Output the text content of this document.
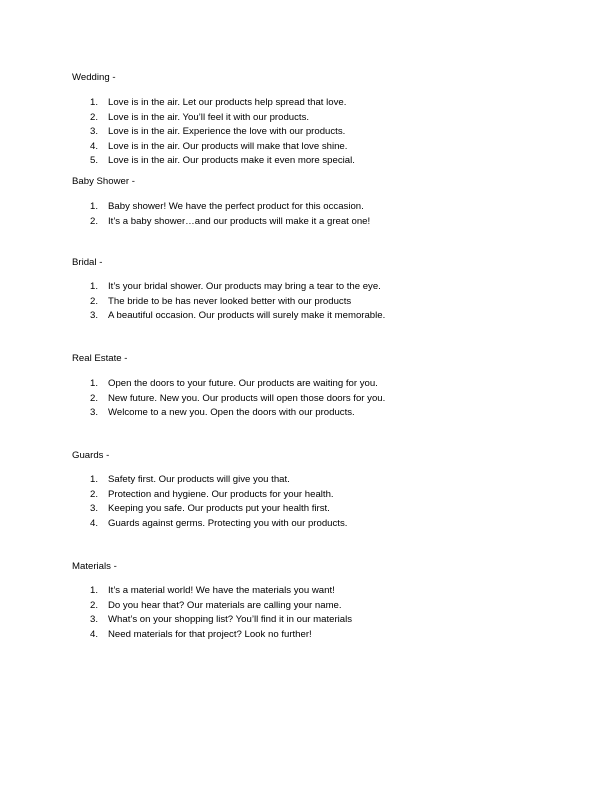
Wedding -
1. Love is in the air. Let our products help spread that love.
2. Love is in the air. You’ll feel it with our products.
3. Love is in the air. Experience the love with our products.
4. Love is in the air. Our products will make that love shine.
5. Love is in the air. Our products make it even more special.
Baby Shower -
1. Baby shower! We have the perfect product for this occasion.
2. It’s a baby shower…and our products will make it a great one!
Bridal -
1. It’s your bridal shower. Our products may bring a tear to the eye.
2. The bride to be has never looked better with our products
3. A beautiful occasion. Our products will surely make it memorable.
Real Estate -
1. Open the doors to your future. Our products are waiting for you.
2. New future. New you. Our products will open those doors for you.
3. Welcome to a new you. Open the doors with our products.
Guards -
1. Safety first. Our products will give you that.
2. Protection and hygiene. Our products for your health.
3. Keeping you safe. Our products put your health first.
4. Guards against germs. Protecting you with our products.
Materials -
1. It’s a material world! We have the materials you want!
2. Do you hear that? Our materials are calling your name.
3. What’s on your shopping list? You’ll find it in our materials
4. Need materials for that project? Look no further!
